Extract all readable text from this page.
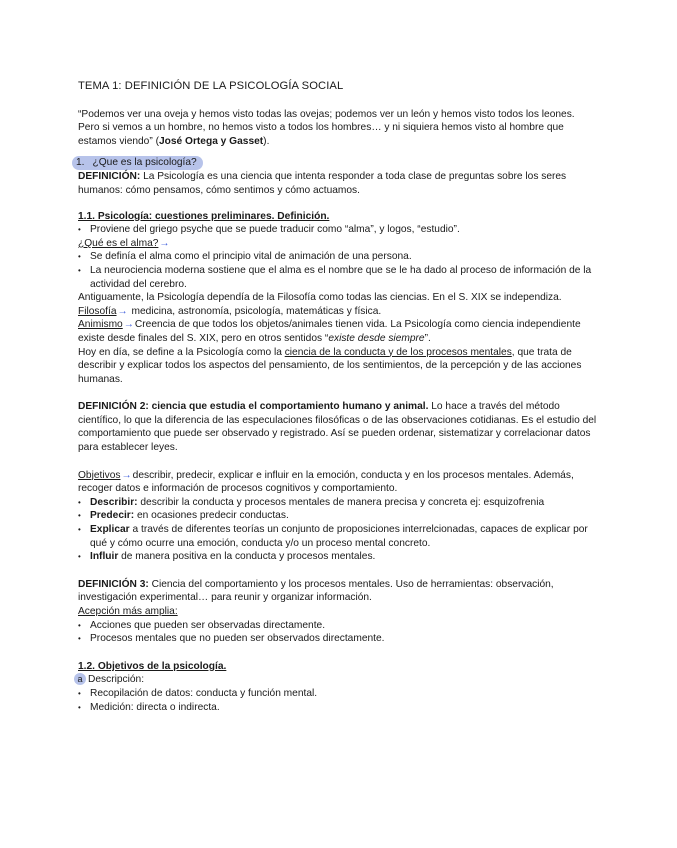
TEMA 1: DEFINICIÓN DE LA PSICOLOGÍA SOCIAL

“Podemos ver una oveja y hemos visto todas las ovejas; podemos ver un león y hemos visto todos los leones. Pero si vemos a un hombre, no hemos visto a todos los hombres… y ni siquiera hemos visto al hombre que estamos viendo” (José Ortega y Gasset).

1. ¿Que es la psicología?

DEFINICIÓN: La Psicología es una ciencia que intenta responder a toda clase de preguntas sobre los seres humanos: cómo pensamos, cómo sentimos y cómo actuamos.

1.1. Psicología: cuestiones preliminares. Definición.

• Proviene del griego psyche que se puede traducir como “alma”, y logos, “estudio”.

¿Qué es el alma?→

• Se definía el alma como el principio vital de animación de una persona.
• La neurociencia moderna sostiene que el alma es el nombre que se le ha dado al proceso de información de la actividad del cerebro.

Antiguamente, la Psicología dependía de la Filosofía como todas las ciencias. En el S. XIX se independiza.

Filosofía→ medicina, astronomía, psicología, matemáticas y física.

Animismo→Creencia de que todos los objetos/animales tienen vida. La Psicología como ciencia independiente existe desde finales del S. XIX, pero en otros sentidos “existe desde siempre”.

Hoy en día, se define a la Psicología como la ciencia de la conducta y de los procesos mentales, que trata de describir y explicar todos los aspectos del pensamiento, de los sentimientos, de la percepción y de las acciones humanas.

DEFINICIÓN 2: ciencia que estudia el comportamiento humano y animal. Lo hace a través del método científico, lo que la diferencia de las especulaciones filosóficas o de las observaciones cotidianas. Es el estudio del comportamiento que puede ser observado y registrado. Así se pueden ordenar, sistematizar y correlacionar datos para establecer leyes.

Objetivos→describir, predecir, explicar e influir en la emoción, conducta y en los procesos mentales. Además, recoger datos e información de procesos cognitivos y comportamiento.

• Describir: describir la conducta y procesos mentales de manera precisa y concreta ej: esquizofrenia
• Predecir: en ocasiones predecir conductas.
• Explicar a través de diferentes teorías un conjunto de proposiciones interrelcionadas, capaces de explicar por qué y cómo ocurre una emoción, conducta y/o un proceso mental concreto.
• Influir de manera positiva en la conducta y procesos mentales.

DEFINICIÓN 3: Ciencia del comportamiento y los procesos mentales. Uso de herramientas: observación, investigación experimental… para reunir y organizar información.

Acepción más amplia:

• Acciones que pueden ser observadas directamente.
• Procesos mentales que no pueden ser observados directamente.

1.2. Objetivos de la psicología.

a Descripción:

• Recopilación de datos: conducta y función mental.
• Medición: directa o indirecta.
